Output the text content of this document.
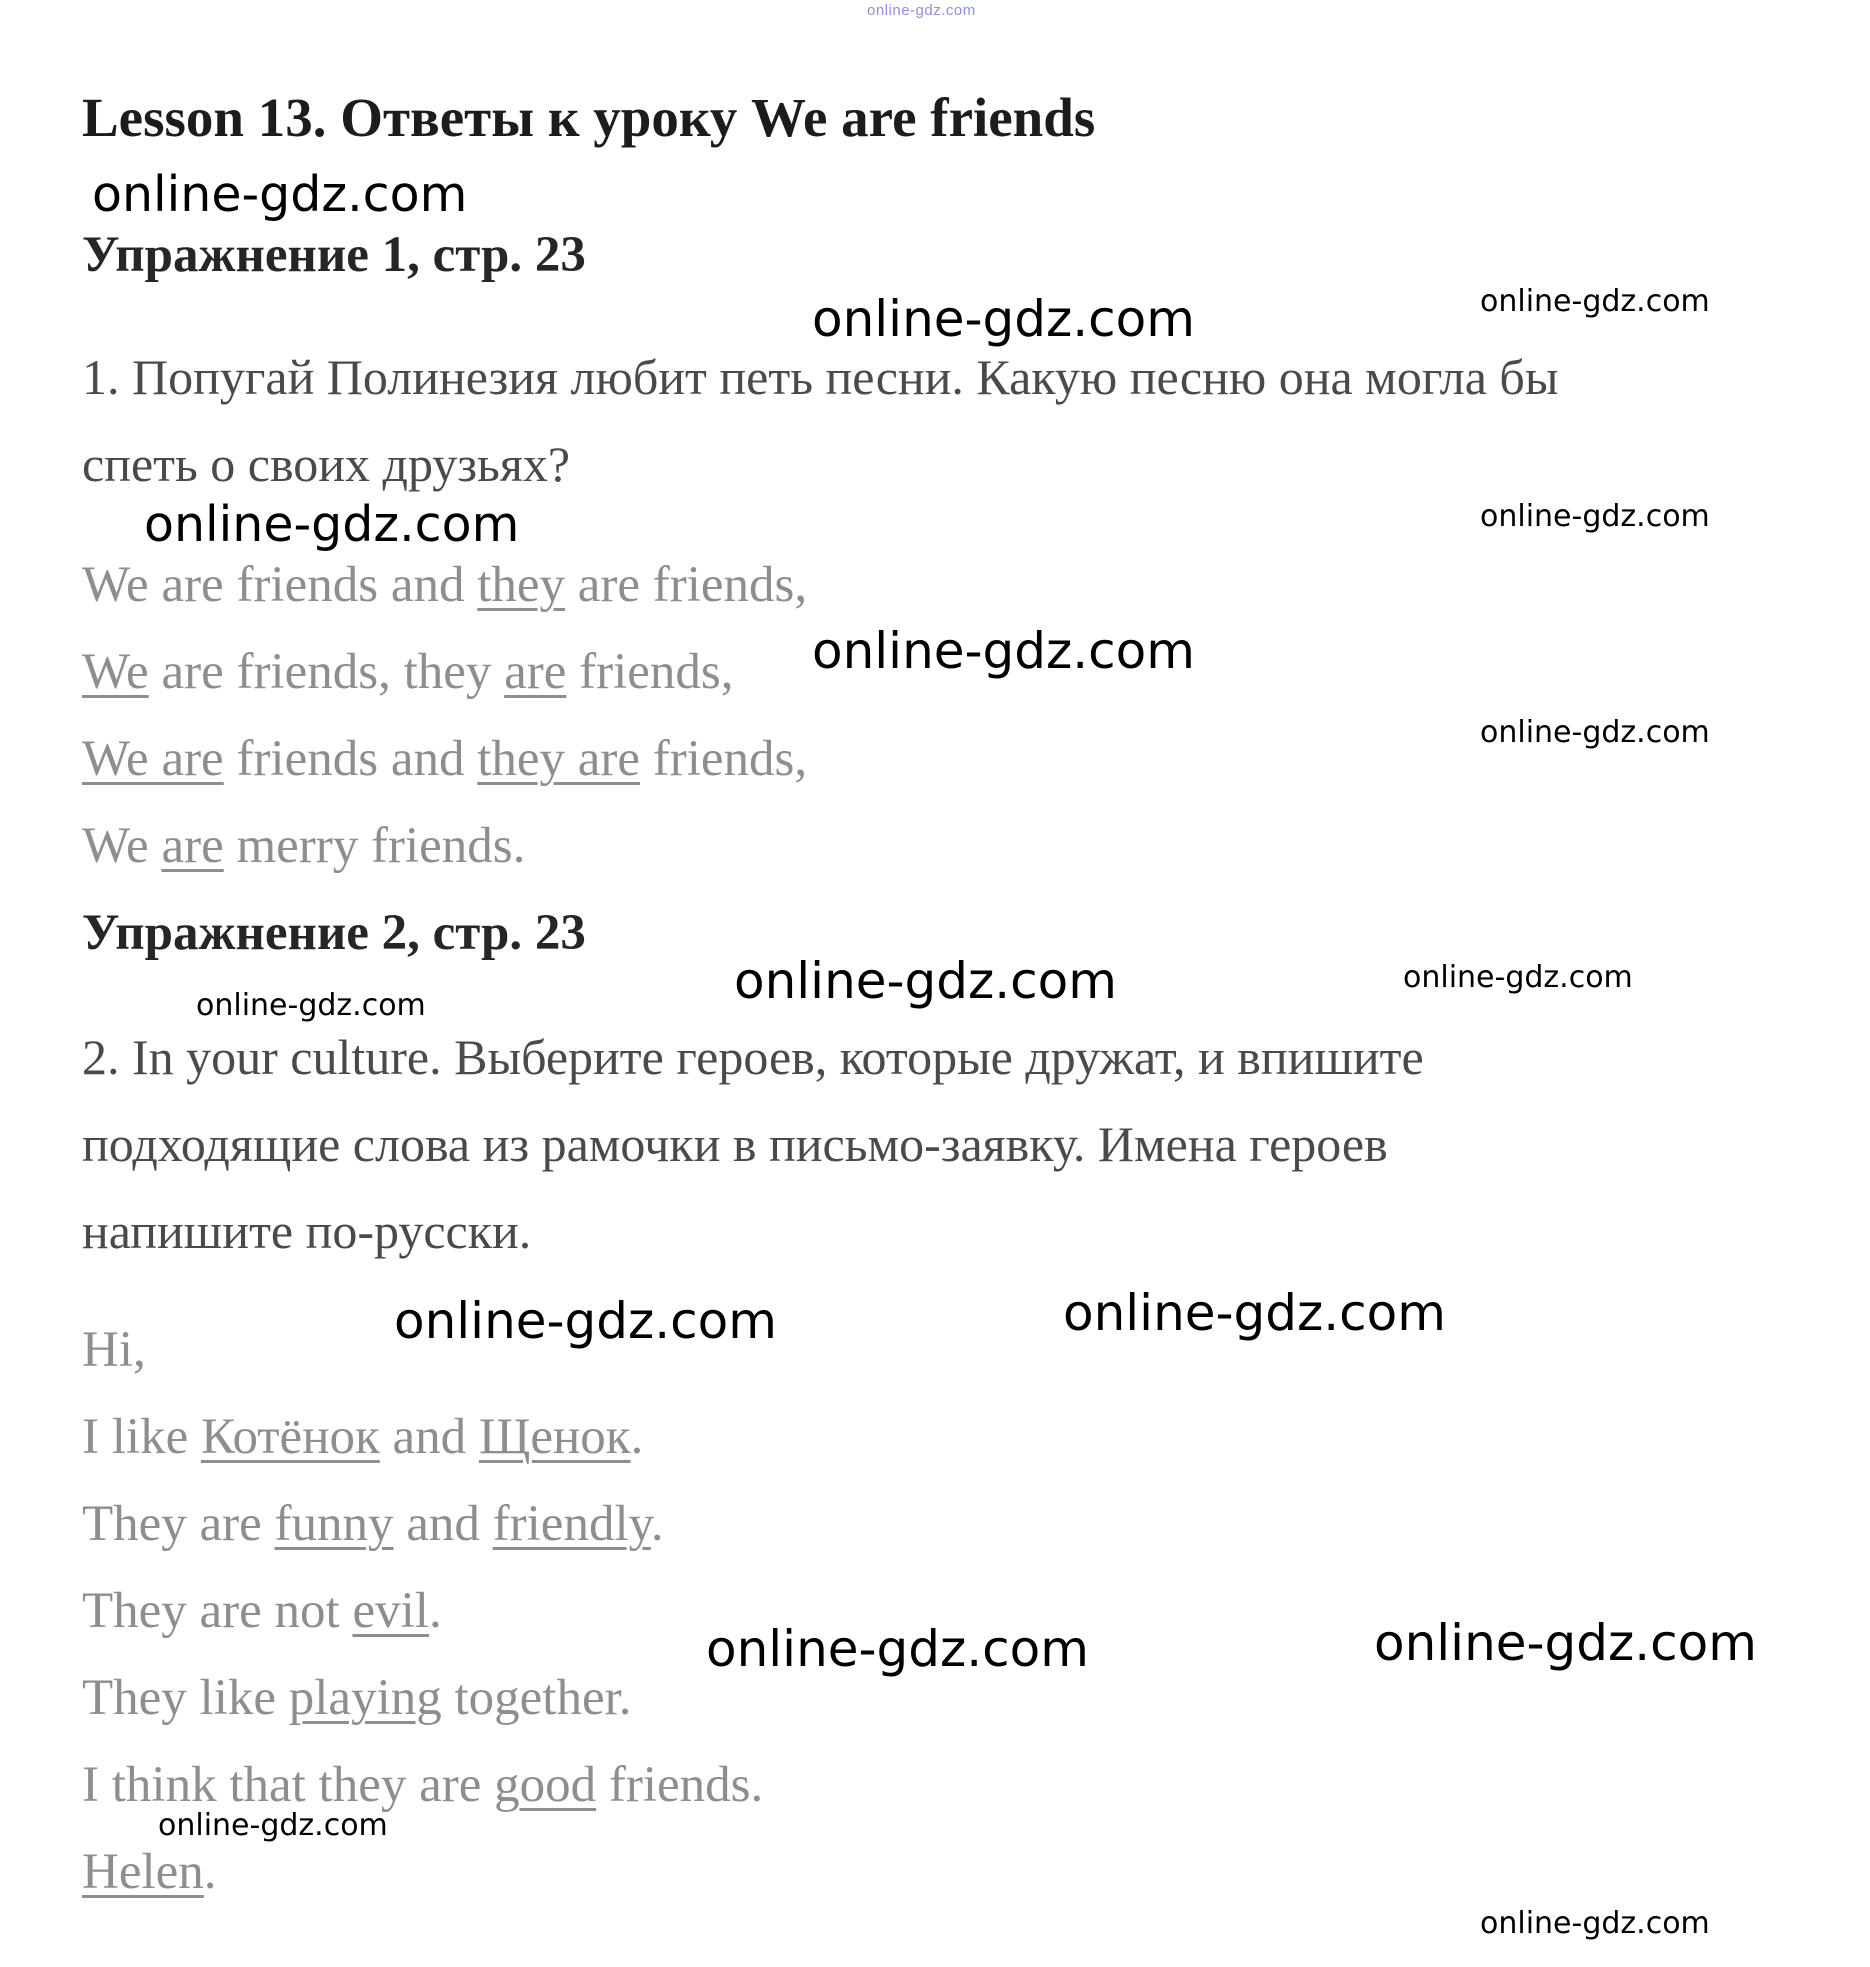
online-gdz.com
Lesson 13. Ответы к уроку We are friends
Упражнение 1, стр. 23
1. Попугай Полинезия любит петь песни. Какую песню она могла бы
спеть о своих друзьях?
We are friends and they are friends,
We are friends, they are friends,
We are friends and they are friends,
We are merry friends.
Упражнение 2, стр. 23
2. In your culture. Выберите героев, которые дружат, и впишите
подходящие слова из рамочки в письмо-заявку. Имена героев
напишите по-русски.
Hi,
I like Котёнок and Щенок.
They are funny and friendly.
They are not evil.
They like playing together.
I think that they are good friends.
Helen.
online-gdz.com
online-gdz.com	online-gdz.com
online-gdz.com	online-gdz.com
online-gdz.com
online-gdz.com
online-gdz.com	online-gdz.com
online-gdz.com
online-gdz.com	online-gdz.com
online-gdz.com	online-gdz.com
online-gdz.com
online-gdz.com
